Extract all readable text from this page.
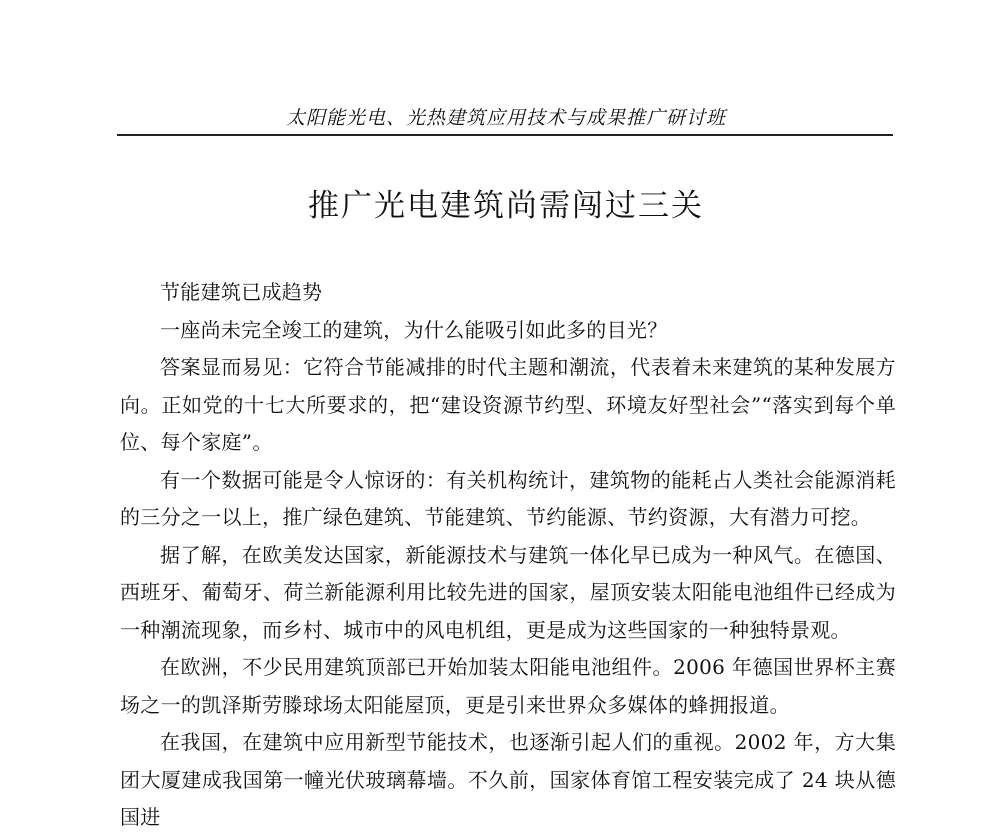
太阳能光电、光热建筑应用技术与成果推广研讨班
推广光电建筑尚需闯过三关

节能建筑已成趋势

一座尚未完全竣工的建筑，为什么能吸引如此多的目光？

答案显而易见：它符合节能减排的时代主题和潮流，代表着未来建筑的某种发展方向。正如党的十七大所要求的，把“建设资源节约型、环境友好型社会”“落实到每个单位、每个家庭”。

有一个数据可能是令人惊讶的：有关机构统计，建筑物的能耗占人类社会能源消耗的三分之一以上，推广绿色建筑、节能建筑、节约能源、节约资源，大有潜力可挖。

据了解，在欧美发达国家，新能源技术与建筑一体化早已成为一种风气。在德国、西班牙、葡萄牙、荷兰新能源利用比较先进的国家，屋顶安装太阳能电池组件已经成为一种潮流现象，而乡村、城市中的风电机组，更是成为这些国家的一种独特景观。

在欧洲，不少民用建筑顶部已开始加装太阳能电池组件。2006 年德国世界杯主赛场之一的凯泽斯劳滕球场太阳能屋顶，更是引来世界众多媒体的蜂拥报道。

在我国，在建筑中应用新型节能技术，也逐渐引起人们的重视。2002 年，方大集团大厦建成我国第一幢光伏玻璃幕墙。不久前，国家体育馆工程安装完成了 24 块从德国进
